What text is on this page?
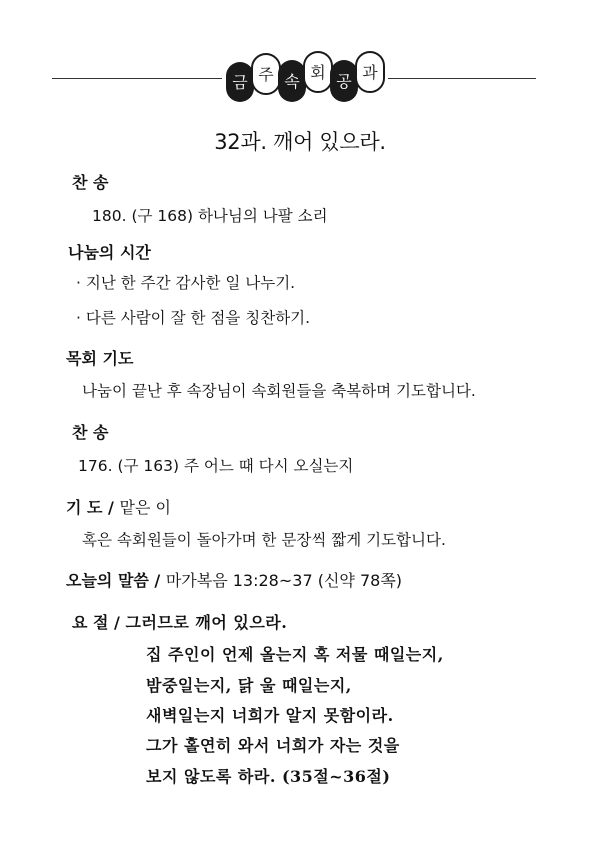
금 주 속 회 공 과
32과. 깨어 있으라.
찬 송
180. (구 168) 하나님의 나팔 소리
나눔의 시간
· 지난 한 주간 감사한 일 나누기.
· 다른 사람이 잘 한 점을 칭찬하기.
목회 기도
나눔이 끝난 후 속장님이 속회원들을 축복하며 기도합니다.
찬 송
176. (구 163) 주 어느 때 다시 오실는지
기 도 / 맡은 이
혹은 속회원들이 돌아가며 한 문장씩 짧게 기도합니다.
오늘의 말씀 / 마가복음 13:28~37 (신약 78쪽)
요 절 / 그러므로 깨어 있으라.
집 주인이 언제 올는지 혹 저물 때일는지,
밤중일는지, 닭 울 때일는지,
새벽일는지 너희가 알지 못함이라.
그가 홀연히 와서 너희가 자는 것을
보지 않도록 하라. (35절~36절)
